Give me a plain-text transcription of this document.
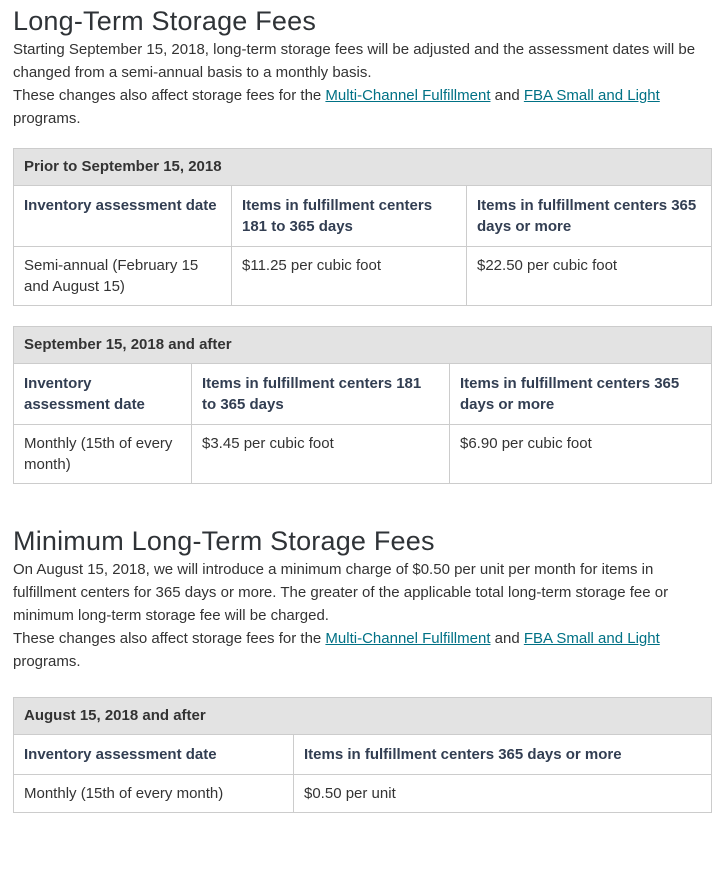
Long-Term Storage Fees

Starting September 15, 2018, long-term storage fees will be adjusted and the assessment dates will be changed from a semi-annual basis to a monthly basis.

These changes also affect storage fees for the Multi-Channel Fulfillment and FBA Small and Light programs.

Prior to September 15, 2018		
Inventory assessment date	Items in fulfillment centers 181 to 365 days	Items in fulfillment centers 365 days or more
Semi-annual (February 15 and August 15)	$11.25 per cubic foot	$22.50 per cubic foot
September 15, 2018 and after		
Inventory assessment date	Items in fulfillment centers 181 to 365 days	Items in fulfillment centers 365 days or more
Monthly (15th of every month)	$3.45 per cubic foot	$6.90 per cubic foot
Minimum Long-Term Storage Fees

On August 15, 2018, we will introduce a minimum charge of $0.50 per unit per month for items in fulfillment centers for 365 days or more. The greater of the applicable total long-term storage fee or minimum long-term storage fee will be charged.

These changes also affect storage fees for the Multi-Channel Fulfillment and FBA Small and Light programs.

August 15, 2018 and after	
Inventory assessment date	Items in fulfillment centers 365 days or more
Monthly (15th of every month)	$0.50 per unit
